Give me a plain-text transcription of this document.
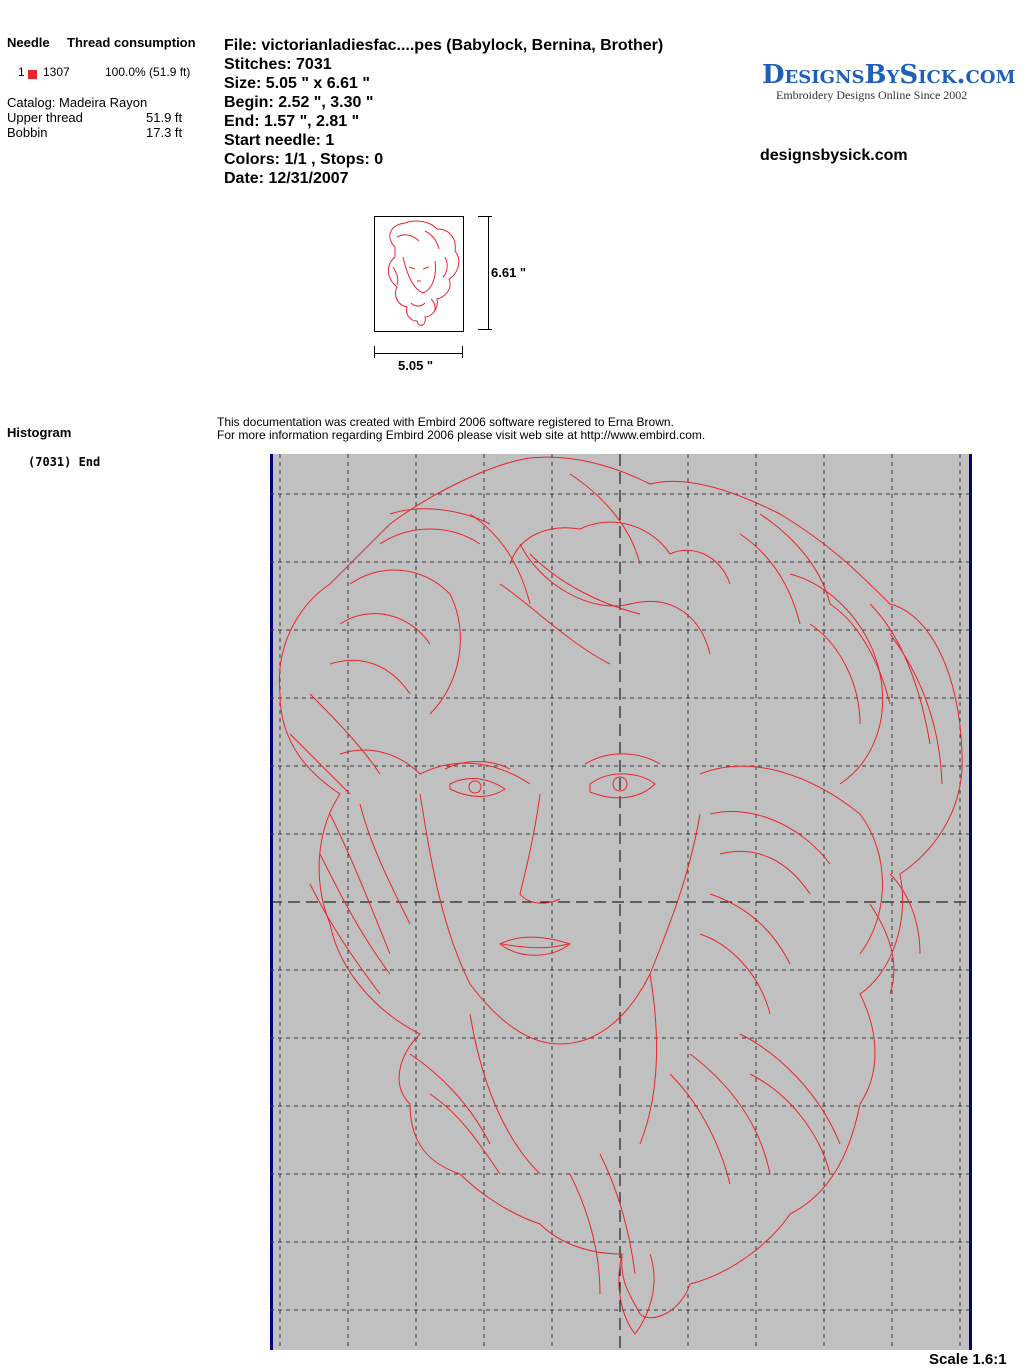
Needle Thread consumption
1 1307	100.0% (51.9 ft)
Catalog: Madeira Rayon
Upper thread	51.9 ft
Bobbin	17.3 ft
File: victorianladiesfac....pes (Babylock, Bernina, Brother)
Stitches: 7031
Size: 5.05 " x 6.61 "
Begin: 2.52 ", 3.30 "
End: 1.57 ", 2.81 "
Start needle: 1
Colors: 1/1 , Stops: 0
Date: 12/31/2007
DesignsBySick.com
Embroidery Designs Online Since 2002
designsbysick.com
6.61 "
5.05 "
Histogram
(7031) End
This documentation was created with Embird 2006 software registered to Erna Brown.
For more information regarding Embird 2006 please visit web site at http://www.embird.com.
Scale 1.6:1
